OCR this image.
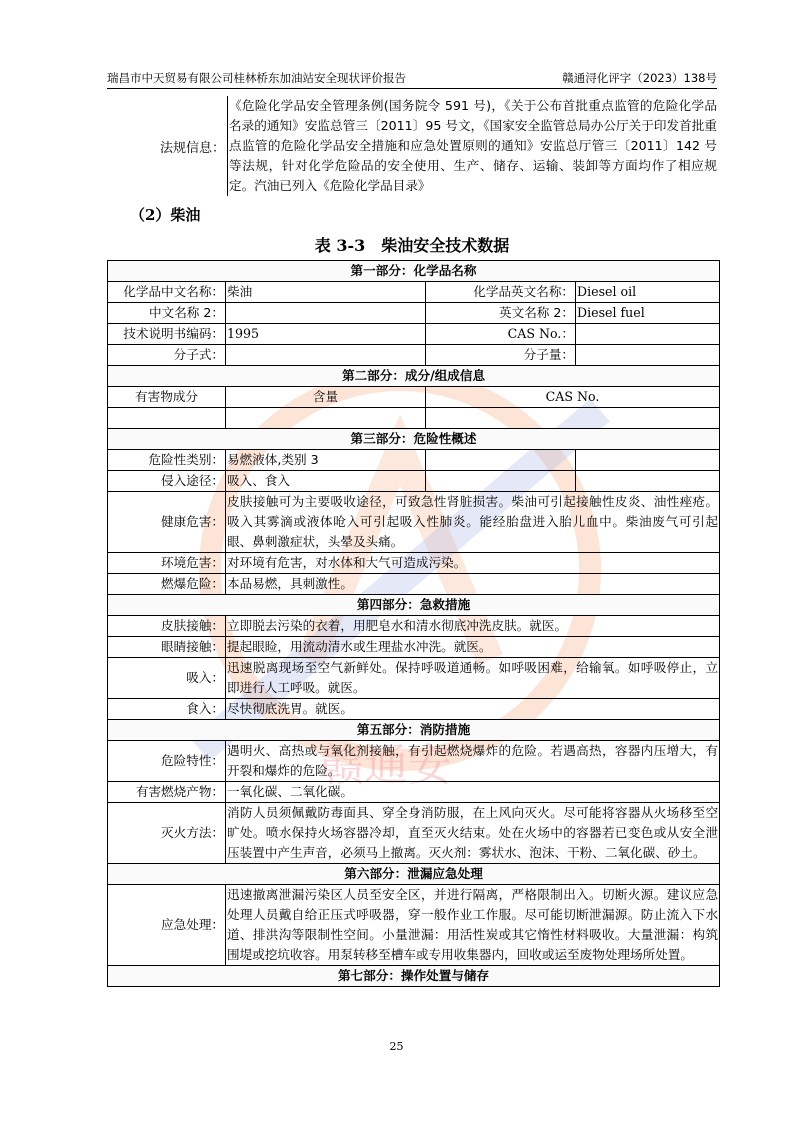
瑞昌市中天贸易有限公司桂林桥东加油站安全现状评价报告	赣通浔化评字（2023）138号
法规信息：
《危险化学品安全管理条例(国务院令 591 号)，《关于公布首批重点监管的危险化学品名录的通知》安监总管三〔2011〕95 号文，《国家安全监管总局办公厅关于印发首批重点监管的危险化学品安全措施和应急处置原则的通知》安监总厅管三〔2011〕142 号等法规，针对化学危险品的安全使用、生产、储存、运输、装卸等方面均作了相应规定。汽油已列入《危险化学品目录》
（2）柴油
表 3-3　柴油安全技术数据
赣通安
第一部分：化学品名称			
化学品中文名称：	柴油	化学品英文名称：	Diesel oil
中文名称 2：		英文名称 2：	Diesel fuel
技术说明书编码：	1995	CAS No.：	
分子式：		分子量：	
第二部分：成分/组成信息			
有害物成分	含量	CAS No.	

第三部分：危险性概述			
危险性类别：	易燃液体,类别 3		
侵入途径：	吸入、食入		
健康危害：	皮肤接触可为主要吸收途径，可致急性肾脏损害。柴油可引起接触性皮炎、油性痤疮。吸入其雾滴或液体呛入可引起吸入性肺炎。能经胎盘进入胎儿血中。柴油废气可引起眼、鼻刺激症状，头晕及头痛。		
环境危害：	对环境有危害，对水体和大气可造成污染。		
燃爆危险：	本品易燃，具刺激性。		
第四部分：急救措施			
皮肤接触：	立即脱去污染的衣着，用肥皂水和清水彻底冲洗皮肤。就医。		
眼睛接触：	提起眼睑，用流动清水或生理盐水冲洗。就医。		
吸入：	迅速脱离现场至空气新鲜处。保持呼吸道通畅。如呼吸困难，给输氧。如呼吸停止，立即进行人工呼吸。就医。		
食入：	尽快彻底洗胃。就医。		
第五部分：消防措施			
危险特性：	遇明火、高热或与氧化剂接触，有引起燃烧爆炸的危险。若遇高热，容器内压增大，有开裂和爆炸的危险。		
有害燃烧产物：	一氧化碳、二氧化碳。		
灭火方法：	消防人员须佩戴防毒面具、穿全身消防服，在上风向灭火。尽可能将容器从火场移至空旷处。喷水保持火场容器冷却，直至灭火结束。处在火场中的容器若已变色或从安全泄压装置中产生声音，必须马上撤离。灭火剂：雾状水、泡沫、干粉、二氧化碳、砂土。		
第六部分：泄漏应急处理			
应急处理：	迅速撤离泄漏污染区人员至安全区，并进行隔离，严格限制出入。切断火源。建议应急处理人员戴自给正压式呼吸器，穿一般作业工作服。尽可能切断泄漏源。防止流入下水道、排洪沟等限制性空间。小量泄漏：用活性炭或其它惰性材料吸收。大量泄漏：构筑围堤或挖坑收容。用泵转移至槽车或专用收集器内，回收或运至废物处理场所处置。		
第七部分：操作处置与储存			
25
